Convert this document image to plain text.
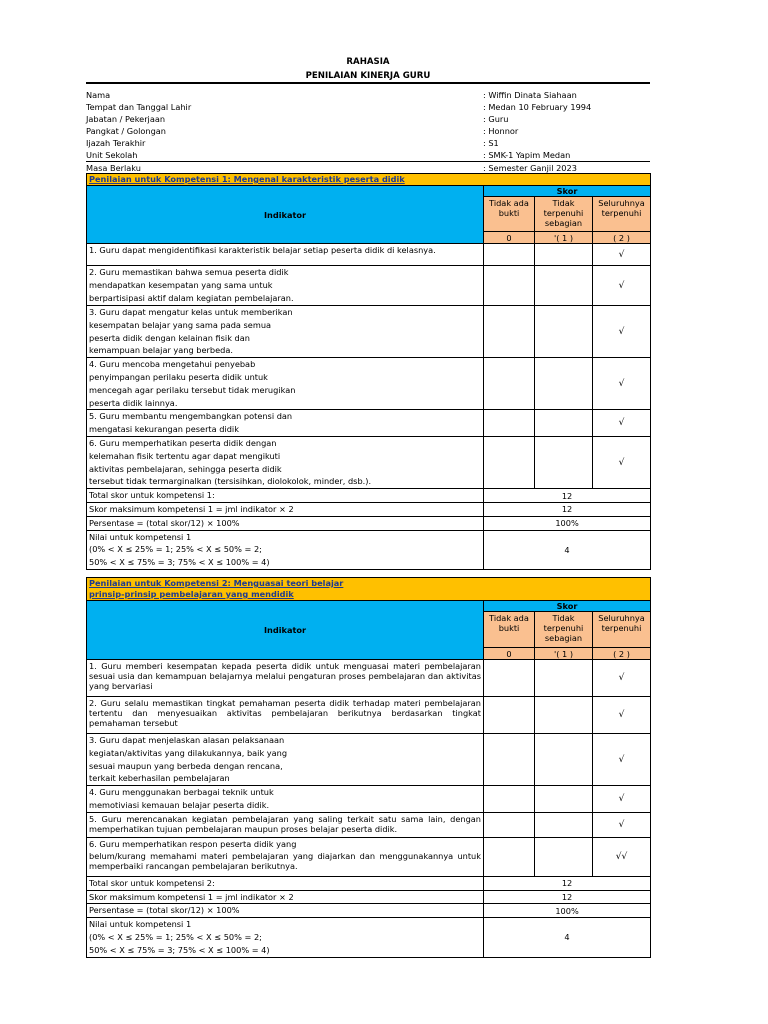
RAHASIA
PENILAIAN KINERJA GURU
Nama	: Wiffin Dinata Siahaan
Tempat dan Tanggal Lahir	: Medan 10 February 1994
Jabatan / Pekerjaan	: Guru
Pangkat / Golongan	: Honnor
Ijazah Terakhir	: S1
Unit Sekolah	: SMK-1 Yapim Medan
Masa Berlaku	: Semester Ganjil 2023
Penilaian untuk Kompetensi 1: Mengenal karakteristik peserta didik			
Indikator	Skor		
	Tidak ada bukti	Tidak terpenuhi sebagian	Seluruhnya terpenuhi
	0	'( 1 )	( 2 )
1. Guru dapat mengidentifikasi karakteristik belajar setiap peserta didik di kelasnya.			√
2. Guru memastikan bahwa semua peserta didik
mendapatkan kesempatan yang sama untuk
berpartisipasi aktif dalam kegiatan pembelajaran.			√
3. Guru dapat mengatur kelas untuk memberikan
kesempatan belajar yang sama pada semua
peserta didik dengan kelainan fisik dan
kemampuan belajar yang berbeda.			√
4. Guru mencoba mengetahui penyebab
penyimpangan perilaku peserta didik untuk
mencegah agar perilaku tersebut tidak merugikan
peserta didik lainnya.			√
5. Guru membantu mengembangkan potensi dan
mengatasi kekurangan peserta didik			√
6. Guru memperhatikan peserta didik dengan
kelemahan fisik tertentu agar dapat mengikuti
aktivitas pembelajaran, sehingga peserta didik
tersebut tidak termarginalkan (tersisihkan, diolokolok, minder, dsb.).			√
Total skor untuk kompetensi 1:	12		
Skor maksimum kompetensi 1 = jml indikator × 2	12		
Persentase = (total skor/12) × 100%	100%		
Nilai untuk kompetensi 1
(0% < X ≤ 25% = 1; 25% < X ≤ 50% = 2;
50% < X ≤ 75% = 3; 75% < X ≤ 100% = 4)	4		
Penilaian untuk Kompetensi 2: Menguasai teori belajar
prinsip-prinsip pembelajaran yang mendidik			
Indikator	Skor		
	Tidak ada bukti	Tidak terpenuhi sebagian	Seluruhnya terpenuhi
	0	'( 1 )	( 2 )
1. Guru memberi kesempatan kepada peserta didik untuk menguasai materi pembelajaran sesuai usia dan kemampuan belajarnya melalui pengaturan proses pembelajaran dan aktivitas yang bervariasi			√
2. Guru selalu memastikan tingkat pemahaman peserta didik terhadap materi pembelajaran tertentu dan menyesuaikan aktivitas pembelajaran berikutnya berdasarkan tingkat pemahaman tersebut			√
3. Guru dapat menjelaskan alasan pelaksanaan
kegiatan/aktivitas yang dilakukannya, baik yang
sesuai maupun yang berbeda dengan rencana,
terkait keberhasilan pembelajaran			√
4. Guru menggunakan berbagai teknik untuk
memotiviasi kemauan belajar peserta didik.			√
5. Guru merencanakan kegiatan pembelajaran yang saling terkait satu sama lain, dengan memperhatikan tujuan pembelajaran maupun proses belajar peserta didik.			√
6. Guru memperhatikan respon peserta didik yang
belum/kurang memahami materi pembelajaran yang diajarkan dan menggunakannya untuk memperbaiki rancangan pembelajaran berikutnya.			√√
Total skor untuk kompetensi 2:	12		
Skor maksimum kompetensi 1 = jml indikator × 2	12		
Persentase = (total skor/12) × 100%	100%		
Nilai untuk kompetensi 1
(0% < X ≤ 25% = 1; 25% < X ≤ 50% = 2;
50% < X ≤ 75% = 3; 75% < X ≤ 100% = 4)	4		
